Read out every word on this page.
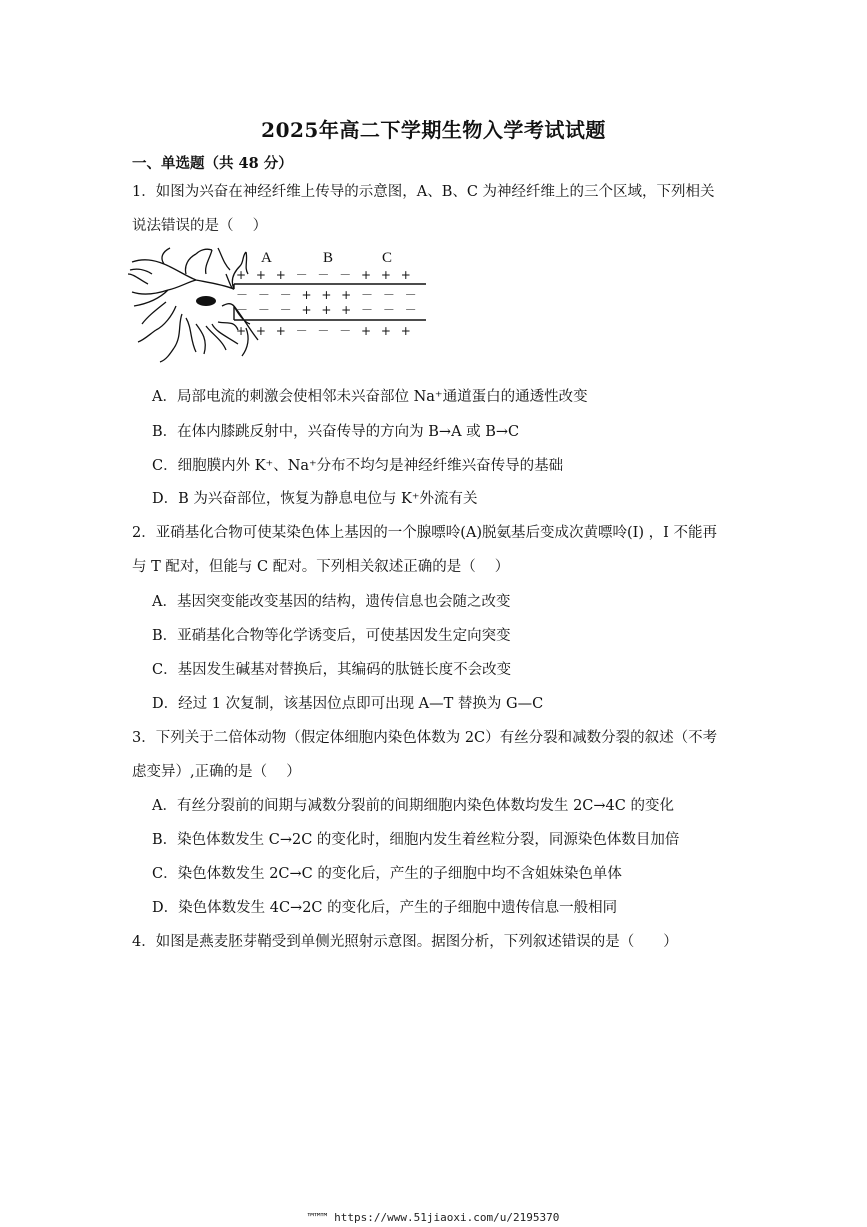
2025年高二下学期生物入学考试试题
一、单选题（共 48 分）
1．如图为兴奋在神经纤维上传导的示意图，A、B、C 为神经纤维上的三个区域，下列相关
说法错误的是（　 ）
A	B	C
+ + + － － － + + +
－ － － + + + － － －
－ － － + + + － － －
+ + + － － － + + +
A．局部电流的刺激会使相邻未兴奋部位 Na⁺通道蛋白的通透性改变
B．在体内膝跳反射中，兴奋传导的方向为 B→A 或 B→C
C．细胞膜内外 K⁺、Na⁺分布不均匀是神经纤维兴奋传导的基础
D．B 为兴奋部位，恢复为静息电位与 K⁺外流有关
2．亚硝基化合物可使某染色体上基因的一个腺嘌呤(A)脱氨基后变成次黄嘌呤(I) ，I 不能再
与 T 配对，但能与 C 配对。下列相关叙述正确的是（　 ）
A．基因突变能改变基因的结构，遗传信息也会随之改变
B．亚硝基化合物等化学诱变后，可使基因发生定向突变
C．基因发生碱基对替换后，其编码的肽链长度不会改变
D．经过 1 次复制，该基因位点即可出现 A—T 替换为 G—C
3．下列关于二倍体动物（假定体细胞内染色体数为 2C）有丝分裂和减数分裂的叙述（不考
虑变异）,正确的是（　 ）
A．有丝分裂前的间期与减数分裂前的间期细胞内染色体数均发生 2C→4C 的变化
B．染色体数发生 C→2C 的变化时，细胞内发生着丝粒分裂，同源染色体数目加倍
C．染色体数发生 2C→C 的变化后，产生的子细胞中均不含姐妹染色单体
D．染色体数发生 4C→2C 的变化后，产生的子细胞中遗传信息一般相同
4．如图是燕麦胚芽鞘受到单侧光照射示意图。据图分析，下列叙述错误的是（　　）
™™™ https://www.51jiaoxi.com/u/2195370
